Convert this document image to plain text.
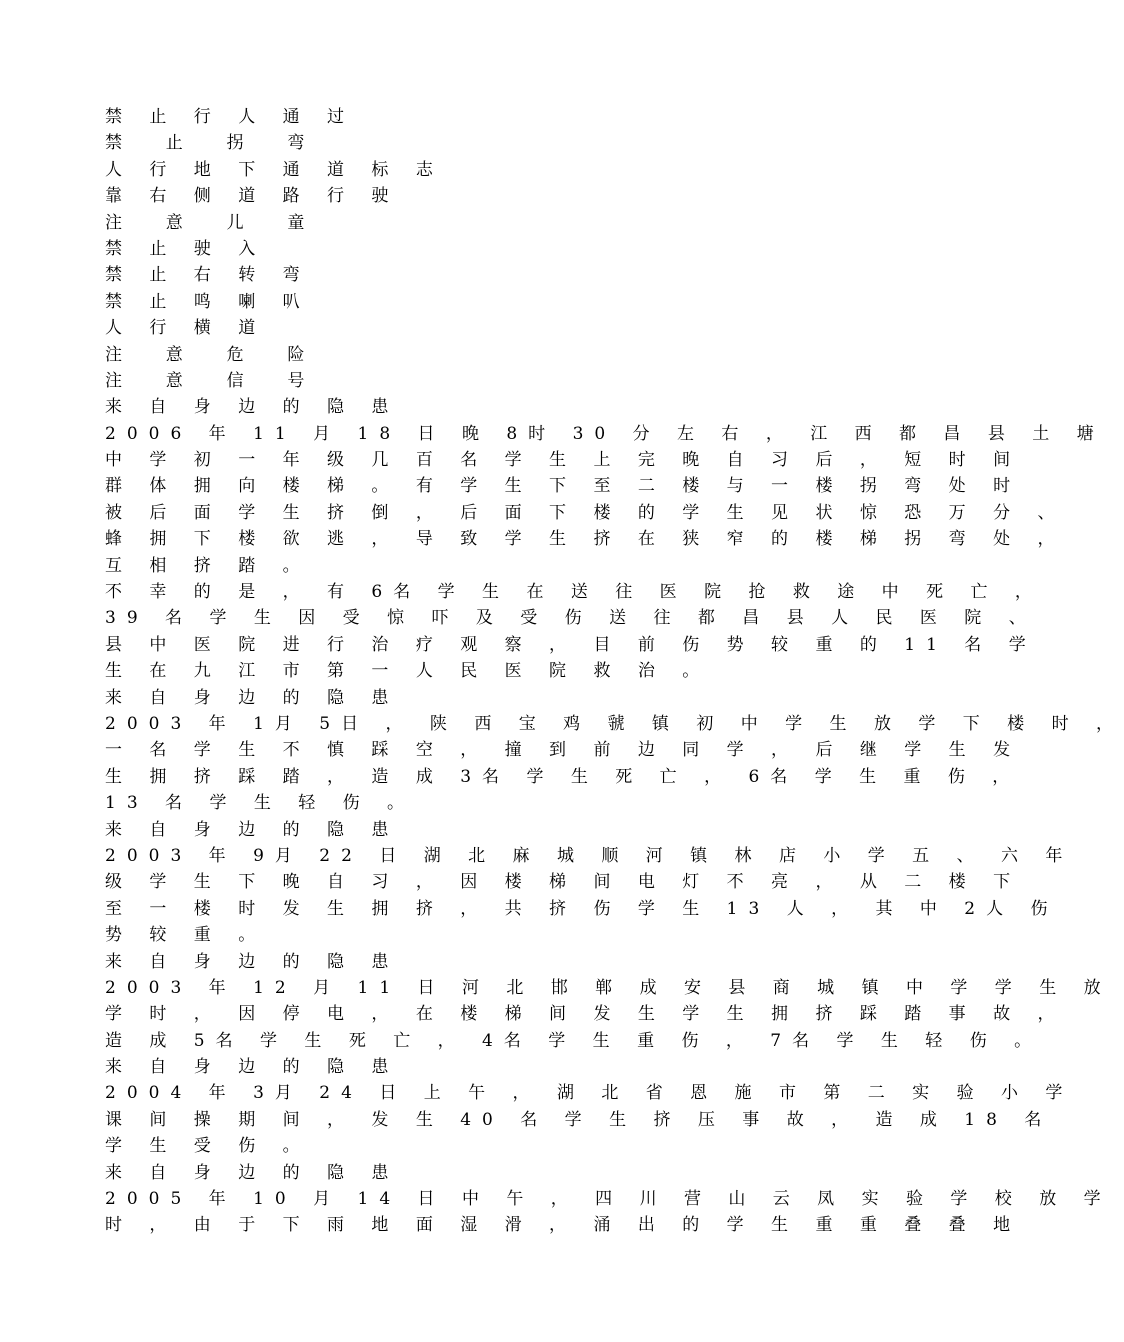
禁 止 行 人 通 过
禁  止  拐  弯
人 行 地 下 通 道 标 志
靠 右 侧 道 路 行 驶
注  意  儿  童
禁 止 驶 入
禁 止 右 转 弯
禁 止 鸣 喇 叭
人 行 横 道
注  意  危  险
注  意  信  号
来 自 身 边 的 隐 患
2006 年 11 月 18 日 晚 8时 30 分 左 右 ， 江 西 都 昌 县 土 塘
中 学 初 一 年 级 几 百 名 学 生 上 完 晚 自 习 后 ， 短 时 间
群 体 拥 向 楼 梯 。 有 学 生 下 至 二 楼 与 一 楼 拐 弯 处 时
被 后 面 学 生 挤 倒 ， 后 面 下 楼 的 学 生 见 状 惊 恐 万 分 、
蜂 拥 下 楼 欲 逃 ， 导 致 学 生 挤 在 狭 窄 的 楼 梯 拐 弯 处 ，
互 相 挤 踏 。
不 幸 的 是 ， 有 6名 学 生 在 送 往 医 院 抢 救 途 中 死 亡 ，
39 名 学 生 因 受 惊 吓 及 受 伤 送 往 都 昌 县 人 民 医 院 、
县 中 医 院 进 行 治 疗 观 察 ， 目 前 伤 势 较 重 的 11 名 学
生 在 九 江 市 第 一 人 民 医 院 救 治 。
来 自 身 边 的 隐 患
2003 年 1月 5日 ， 陕 西 宝 鸡 虢 镇 初 中 学 生 放 学 下 楼 时 ，
一 名 学 生 不 慎 踩 空 ， 撞 到 前 边 同 学 ， 后 继 学 生 发
生 拥 挤 踩 踏 ， 造 成 3名 学 生 死 亡 ， 6名 学 生 重 伤 ，
13 名 学 生 轻 伤 。
来 自 身 边 的 隐 患
2003 年 9月 22 日 湖 北 麻 城 顺 河 镇 林 店 小 学 五 、 六 年
级 学 生 下 晚 自 习 ， 因 楼 梯 间 电 灯 不 亮 ， 从 二 楼 下
至 一 楼 时 发 生 拥 挤 ， 共 挤 伤 学 生 13 人 ， 其 中 2人 伤
势 较 重 。
来 自 身 边 的 隐 患
2003 年 12 月 11 日 河 北 邯 郸 成 安 县 商 城 镇 中 学 学 生 放
学 时 ， 因 停 电 ， 在 楼 梯 间 发 生 学 生 拥 挤 踩 踏 事 故 ，
造 成 5名 学 生 死 亡 ， 4名 学 生 重 伤 ， 7名 学 生 轻 伤 。
来 自 身 边 的 隐 患
2004 年 3月 24 日 上 午 ， 湖 北 省 恩 施 市 第 二 实 验 小 学
课 间 操 期 间 ， 发 生 40 名 学 生 挤 压 事 故 ， 造 成 18 名
学 生 受 伤 。
来 自 身 边 的 隐 患
2005 年 10 月 14 日 中 午 ， 四 川 营 山 云 凤 实 验 学 校 放 学
时 ， 由 于 下 雨 地 面 湿 滑 ， 涌 出 的 学 生 重 重 叠 叠 地
